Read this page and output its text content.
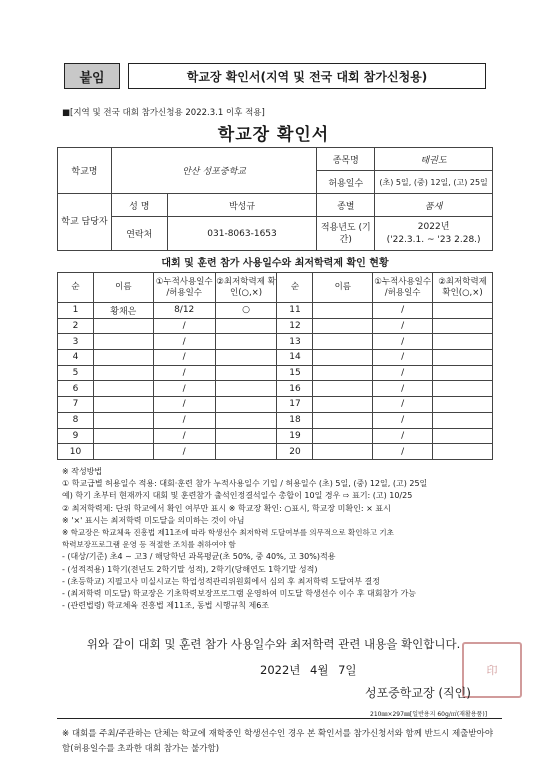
붙임	학교장 확인서(지역 및 전국 대회 참가신청용)
■[지역 및 전국 대회 참가신청용 2022.3.1 이후 적용]
학교장 확인서
학교명	안산 성포중학교		종목명	태권도
			허용일수	(초) 5일, (중) 12일, (고) 25일
학교 담당자	성 명	박성규	종별	품새
	연락처	031-8063-1653	적용년도 (기간)	2022년
('22.3.1. ~ '23 2.28.)
대회 및 훈련 참가 사용일수와 최저학력제 확인 현황
순	이름	①누적사용일수 /허용일수	②최저학력제 확인(○,×)	순	이름	①누적사용일수 /허용일수	②최저학력제 확인(○,×)
1	황채은	8/12	○	11		/	
2		/		12		/	
3		/		13		/	
4		/		14		/	
5		/		15		/	
6		/		16		/	
7		/		17		/	
8		/		18		/	
9		/		19		/	
10		/		20		/	
※ 작성방법
① 학교급별 허용일수 적용: 대회·훈련 참가 누적사용일수 기입 / 허용일수 (초) 5일, (중) 12일, (고) 25일
예) 학기 초부터 현재까지 대회 및 훈련참가 출석인정결석일수 총합이 10일 경우 ⇨ 표기: (고) 10/25
② 최저학력제: 단위 학교에서 확인 여부만 표시 ※ 학교장 확인: ○표시, 학교장 미확인: × 표시
※ '×' 표시는 최저학력 미도달을 의미하는 것이 아님
※ 학교장은 학교체육 진흥법 제11조에 따라 학생선수 최저학력 도달여부를 의무적으로 확인하고 기초
학력보장프로그램 운영 등 적절한 조치를 취하여야 함
- (대상/기준) 초4 ~ 고3 / 해당학년 과목평균(초 50%, 중 40%, 고 30%)적용
- (성적적용) 1학기(전년도 2학기말 성적), 2학기(당해연도 1학기말 성적)
- (초등학교) 지필고사 미실시교는 학업성적관리위원회에서 심의 후 최저학력 도달여부 결정
- (최저학력 미도달) 학교장은 기초학력보장프로그램 운영하여 미도달 학생선수 이수 후 대회참가 가능
- (관련법령) 학교체육 진흥법 제11조, 동법 시행규칙 제6조
위와 같이 대회 및 훈련 참가 사용일수와 최저학력 관련 내용을 확인합니다.
2022년 4월 7일	印
성포중학교장 (직인)
210㎜×297㎜[일반용지 60g/㎡(재활용품)]
※ 대회를 주최/주관하는 단체는 학교에 재학중인 학생선수인 경우 본 확인서를 참가신청서와 함께 반드시 제출받아야 함(허용일수를 초과한 대회 참가는 불가함)
